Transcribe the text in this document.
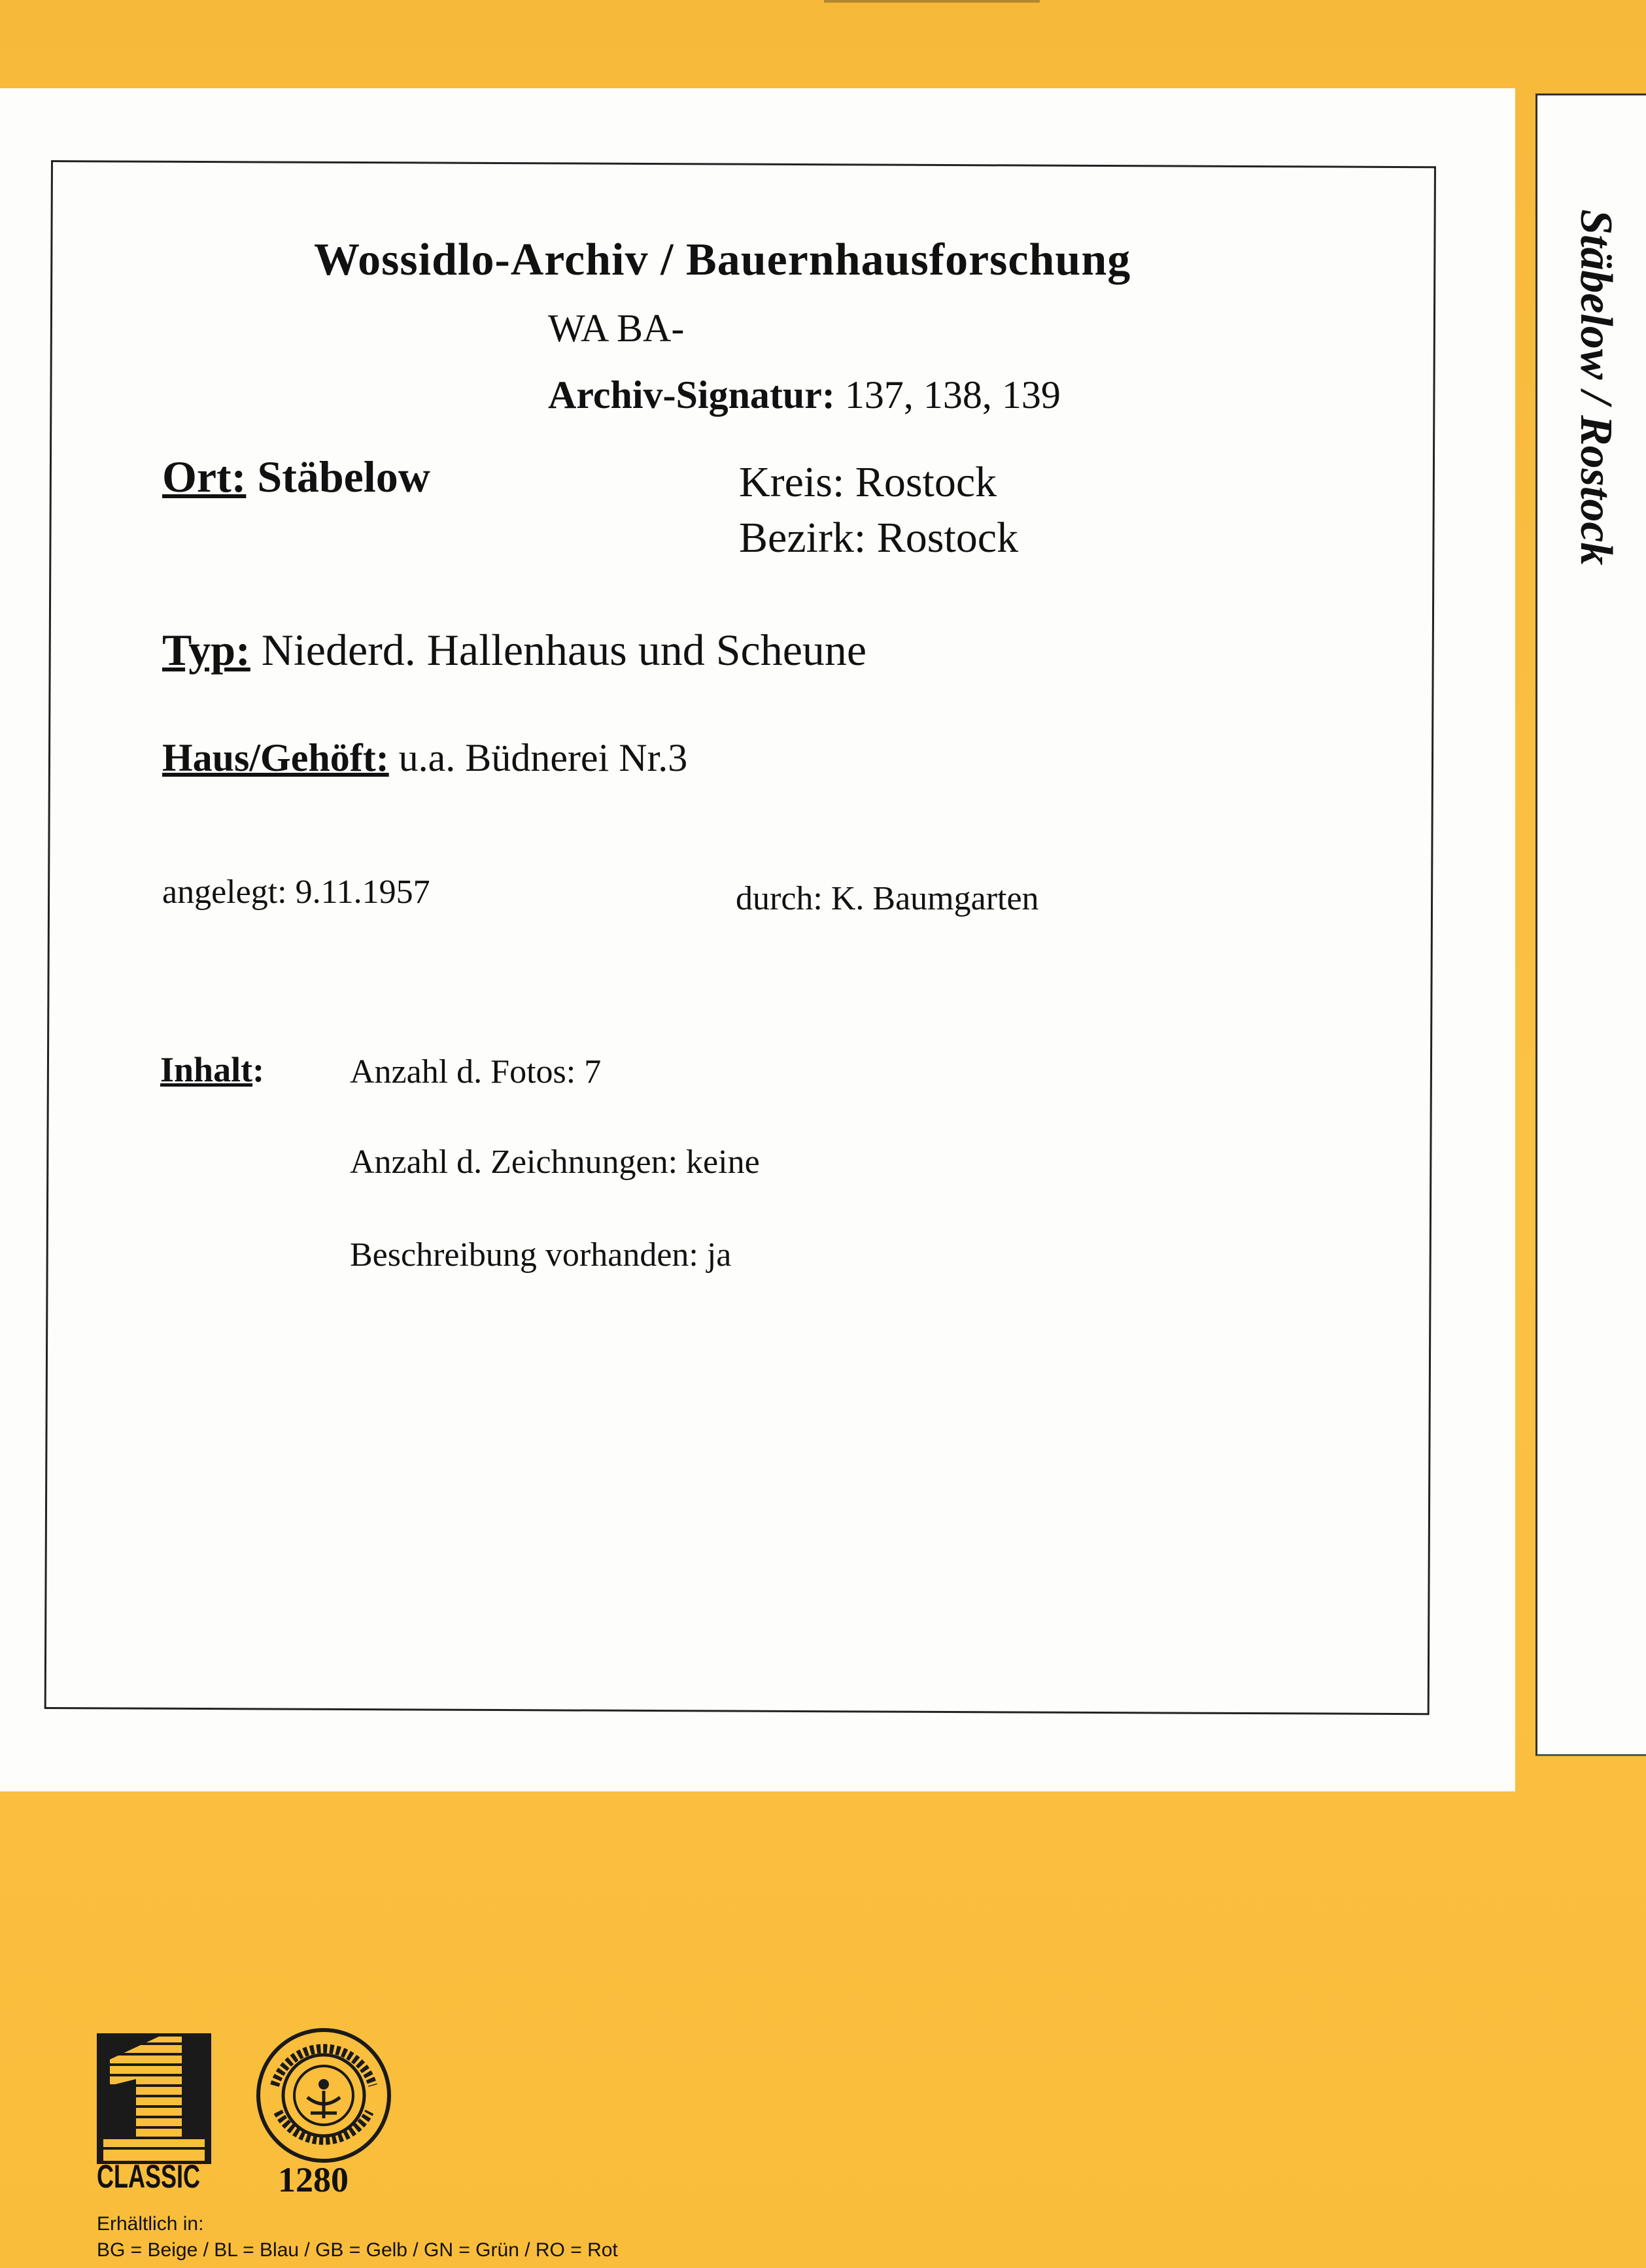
Stäbelow / Rostock
Wossidlo-Archiv / Bauernhausforschung
WA BA-
Archiv-Signatur: 137, 138, 139
Ort: Stäbelow	Kreis: Rostock
Bezirk: Rostock
Typ: Niederd. Hallenhaus und Scheune
Haus/Gehöft: u.a. Büdnerei Nr.3
angelegt: 9.11.1957	durch: K. Baumgarten
Inhalt:	Anzahl d. Fotos: 7
Anzahl d. Zeichnungen: keine
Beschreibung vorhanden: ja
CLASSIC 1280
Erhältlich in:
BG = Beige / BL = Blau / GB = Gelb / GN = Grün / RO = Rot
